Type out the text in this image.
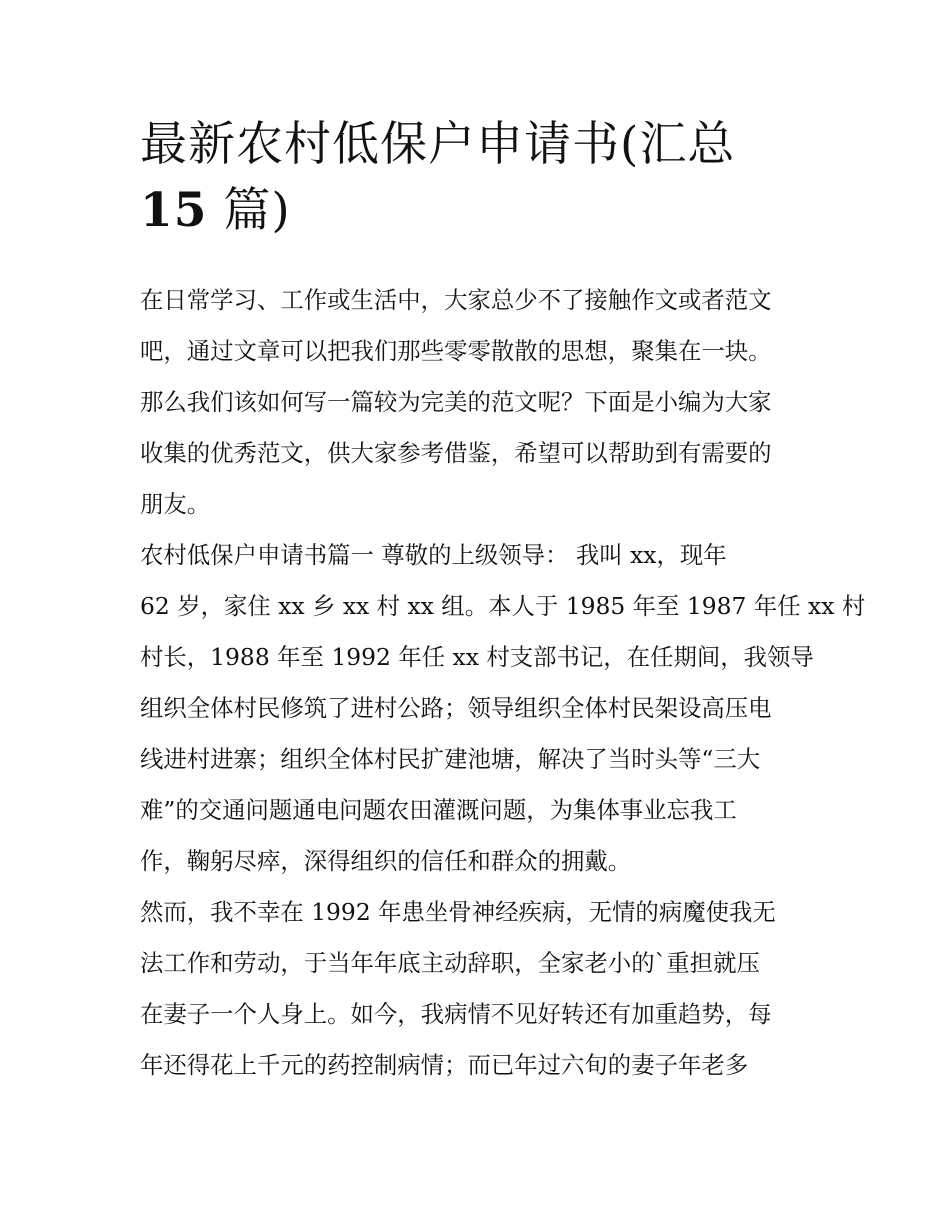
最新农村低保户申请书(汇总
15 篇)
在日常学习、工作或生活中，大家总少不了接触作文或者范文
吧，通过文章可以把我们那些零零散散的思想，聚集在一块。
那么我们该如何写一篇较为完美的范文呢？下面是小编为大家
收集的优秀范文，供大家参考借鉴，希望可以帮助到有需要的
朋友。
农村低保户申请书篇一 尊敬的上级领导： 我叫 xx，现年
62 岁，家住 xx 乡 xx 村 xx 组。本人于 1985 年至 1987 年任 xx 村
村长，1988 年至 1992 年任 xx 村支部书记，在任期间，我领导
组织全体村民修筑了进村公路；领导组织全体村民架设高压电
线进村进寨；组织全体村民扩建池塘，解决了当时头等“三大
难”的交通问题通电问题农田灌溉问题，为集体事业忘我工
作，鞠躬尽瘁，深得组织的信任和群众的拥戴。
然而，我不幸在 1992 年患坐骨神经疾病，无情的病魔使我无
法工作和劳动，于当年年底主动辞职，全家老小的`重担就压
在妻子一个人身上。如今，我病情不见好转还有加重趋势，每
年还得花上千元的药控制病情；而已年过六旬的妻子年老多
